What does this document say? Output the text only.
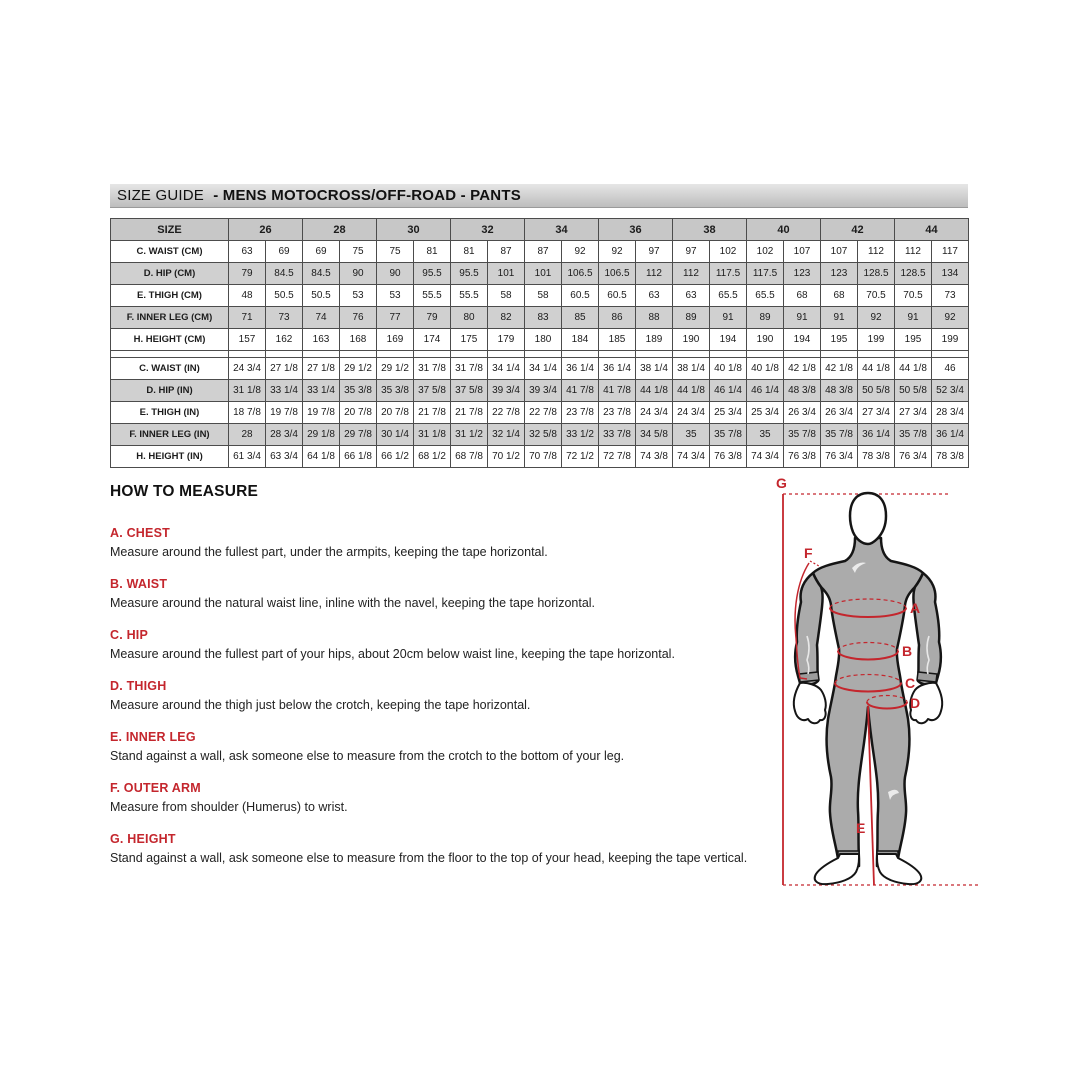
SIZE GUIDE - MENS MOTOCROSS/OFF-ROAD - PANTS
SIZE	26		28		30		32		34		36		38		40		42		44	
C. WAIST (CM)	63	69	69	75	75	81	81	87	87	92	92	97	97	102	102	107	107	112	112	117
D. HIP (CM)	79	84.5	84.5	90	90	95.5	95.5	101	101	106.5	106.5	112	112	117.5	117.5	123	123	128.5	128.5	134
E. THIGH (CM)	48	50.5	50.5	53	53	55.5	55.5	58	58	60.5	60.5	63	63	65.5	65.5	68	68	70.5	70.5	73
F. INNER LEG (CM)	71	73	74	76	77	79	80	82	83	85	86	88	89	91	89	91	91	92	91	92
H. HEIGHT (CM)	157	162	163	168	169	174	175	179	180	184	185	189	190	194	190	194	195	199	195	199

C. WAIST (IN)	24 3/4	27 1/8	27 1/8	29 1/2	29 1/2	31 7/8	31 7/8	34 1/4	34 1/4	36 1/4	36 1/4	38 1/4	38 1/4	40 1/8	40 1/8	42 1/8	42 1/8	44 1/8	44 1/8	46
D. HIP (IN)	31 1/8	33 1/4	33 1/4	35 3/8	35 3/8	37 5/8	37 5/8	39 3/4	39 3/4	41 7/8	41 7/8	44 1/8	44 1/8	46 1/4	46 1/4	48 3/8	48 3/8	50 5/8	50 5/8	52 3/4
E. THIGH (IN)	18 7/8	19 7/8	19 7/8	20 7/8	20 7/8	21 7/8	21 7/8	22 7/8	22 7/8	23 7/8	23 7/8	24 3/4	24 3/4	25 3/4	25 3/4	26 3/4	26 3/4	27 3/4	27 3/4	28 3/4
F. INNER LEG (IN)	28	28 3/4	29 1/8	29 7/8	30 1/4	31 1/8	31 1/2	32 1/4	32 5/8	33 1/2	33 7/8	34 5/8	35	35 7/8	35	35 7/8	35 7/8	36 1/4	35 7/8	36 1/4
H. HEIGHT (IN)	61 3/4	63 3/4	64 1/8	66 1/8	66 1/2	68 1/2	68 7/8	70 1/2	70 7/8	72 1/2	72 7/8	74 3/8	74 3/4	76 3/8	74 3/4	76 3/8	76 3/4	78 3/8	76 3/4	78 3/8
HOW TO MEASURE
A. CHEST

Measure around the fullest part, under the armpits, keeping the tape horizontal.

B. WAIST

Measure around the natural waist line, inline with the navel, keeping the tape horizontal.

C. HIP

Measure around the fullest part of your hips, about 20cm below waist line, keeping the tape horizontal.

D. THIGH

Measure around the thigh just below the crotch, keeping the tape horizontal.

E. INNER LEG

Stand against a wall, ask someone else to measure from the crotch to the bottom of your leg.

F. OUTER ARM

Measure from shoulder (Humerus) to wrist.

G. HEIGHT

Stand against a wall, ask someone else to measure from the floor to the top of your head, keeping the tape vertical.

G
F
A
B
C
D
E
